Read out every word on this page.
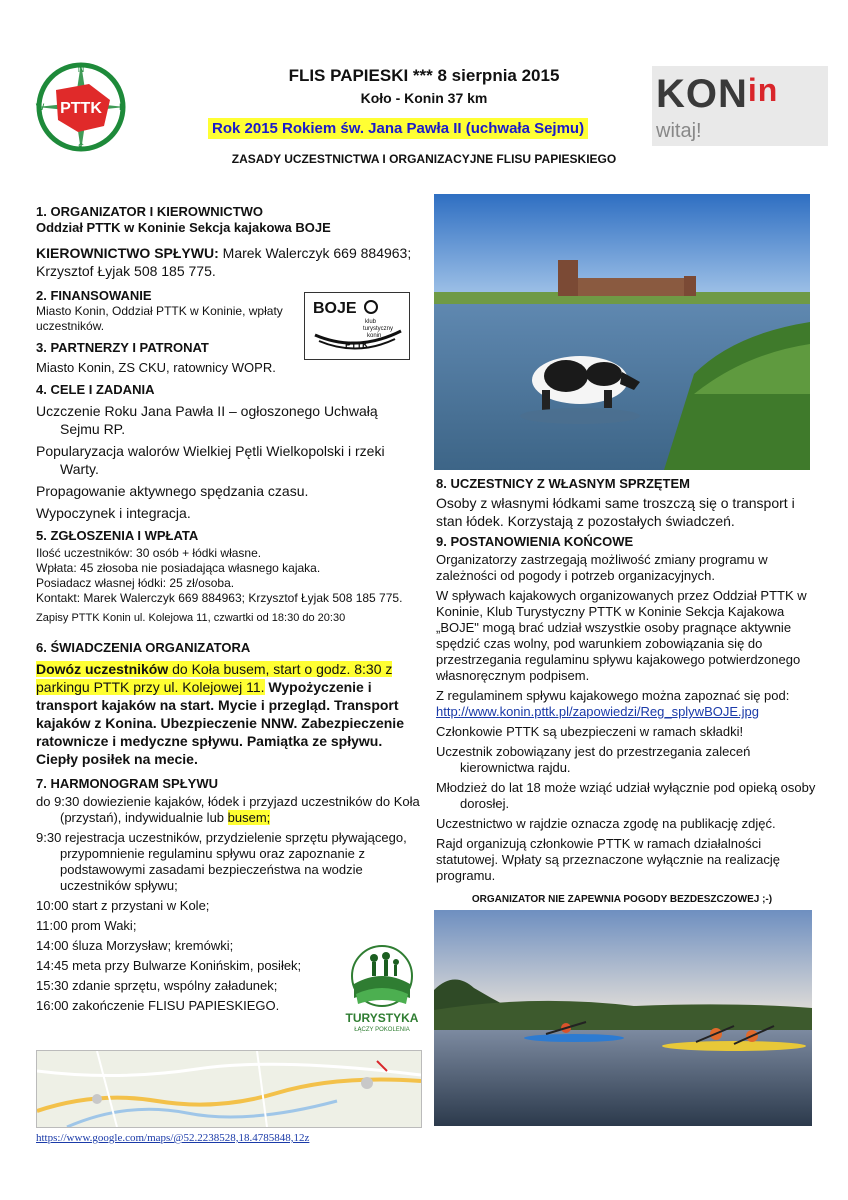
PTTK
N
E
S
W
FLIS PAPIESKI *** 8 sierpnia 2015
Koło - Konin 37 km
Rok 2015 Rokiem św. Jana Pawła II (uchwała Sejmu)
ZASADY UCZESTNICTWA I ORGANIZACYJNE FLISU PAPIESKIEGO
$KON^{in}$
witaj!

1. ORGANIZATOR I KIEROWNICTWO

Oddział PTTK w Koninie Sekcja kajakowa BOJE

KIEROWNICTWO SPŁYWU: Marek Walerczyk 669 884963; Krzysztof Łyjak 508 185 775.

2. FINANSOWANIE

Miasto Konin, Oddział PTTK w Koninie, wpłaty uczestników.

3. PARTNERZY I PATRONAT

Miasto Konin, ZS CKU, ratownicy WOPR.

4. CELE I ZADANIA

Uczczenie Roku Jana Pawła II – ogłoszonego Uchwałą Sejmu RP.

Popularyzacja walorów Wielkiej Pętli Wielkopolski i rzeki Warty.

Propagowanie aktywnego spędzania czasu.

Wypoczynek i integracja.

5. ZGŁOSZENIA I WPŁATA

Ilość uczestników: 30 osób + łódki własne.

Wpłata: 45 złosoba nie posiadająca własnego kajaka.

Posiadacz własnej łódki: 25 zł/osoba.

Kontakt: Marek Walerczyk 669 884963; Krzysztof Łyjak 508 185 775.

Zapisy PTTK Konin ul. Kolejowa 11, czwartki od 18:30 do 20:30

6. ŚWIADCZENIA ORGANIZATORA

Dowóz uczestników do Koła busem, start o godz. 8:30 z parkingu PTTK przy ul. Kolejowej 11. Wypożyczenie i transport kajaków na start. Mycie i przegląd. Transport kajaków z Konina. Ubezpieczenie NNW. Zabezpieczenie ratownicze i medyczne spływu. Pamiątka ze spływu. Ciepły posiłek na mecie.

7. HARMONOGRAM SPŁYWU

do 9:30 dowiezienie kajaków, łódek i przyjazd uczestników do Koła (przystań), indywidualnie lub busem;

9:30 rejestracja uczestników, przydzielenie sprzętu pływającego, przypomnienie regulaminu spływu oraz zapoznanie z podstawowymi zasadami bezpieczeństwa na wodzie uczestników spływu;

10:00 start z przystani w Kole;

11:00 prom Waki;

14:00 śluza Morzysław; kremówki;

14:45 meta przy Bulwarze Konińskim, posiłek;

15:30 zdanie sprzętu, wspólny załadunek;

16:00 zakończenie FLISU PAPIESKIEGO.

BOJE
klub
turystyczny
konin
PTTK
TURYSTYKA
ŁĄCZY POKOLENIA
https://www.google.com/maps/@52.2238528,18.4785848,12z

8. UCZESTNICY Z WŁASNYM SPRZĘTEM

Osoby z własnymi łódkami same troszczą się o transport i stan łódek. Korzystają z pozostałych świadczeń.

9. POSTANOWIENIA KOŃCOWE

Organizatorzy zastrzegają możliwość zmiany programu w zależności od pogody i potrzeb organizacyjnych.

W spływach kajakowych organizowanych przez Oddział PTTK w Koninie, Klub Turystyczny PTTK w Koninie Sekcja Kajakowa „BOJE" mogą brać udział wszystkie osoby pragnące aktywnie spędzić czas wolny, pod warunkiem zobowiązania się do przestrzegania regulaminu spływu kajakowego potwierdzonego własnoręcznym podpisem.

Z regulaminem spływu kajakowego można zapoznać się pod:

http://www.konin.pttk.pl/zapowiedzi/Reg_splywBOJE.jpg

Członkowie PTTK są ubezpieczeni w ramach składki!

Uczestnik zobowiązany jest do przestrzegania zaleceń kierownictwa rajdu.

Młodzież do lat 18 może wziąć udział wyłącznie pod opieką osoby dorosłej.

Uczestnictwo w rajdzie oznacza zgodę na publikację zdjęć.

Rajd organizują członkowie PTTK w ramach działalności statutowej. Wpłaty są przeznaczone wyłącznie na realizację programu.

ORGANIZATOR NIE ZAPEWNIA POGODY BEZDESZCZOWEJ ;-)
